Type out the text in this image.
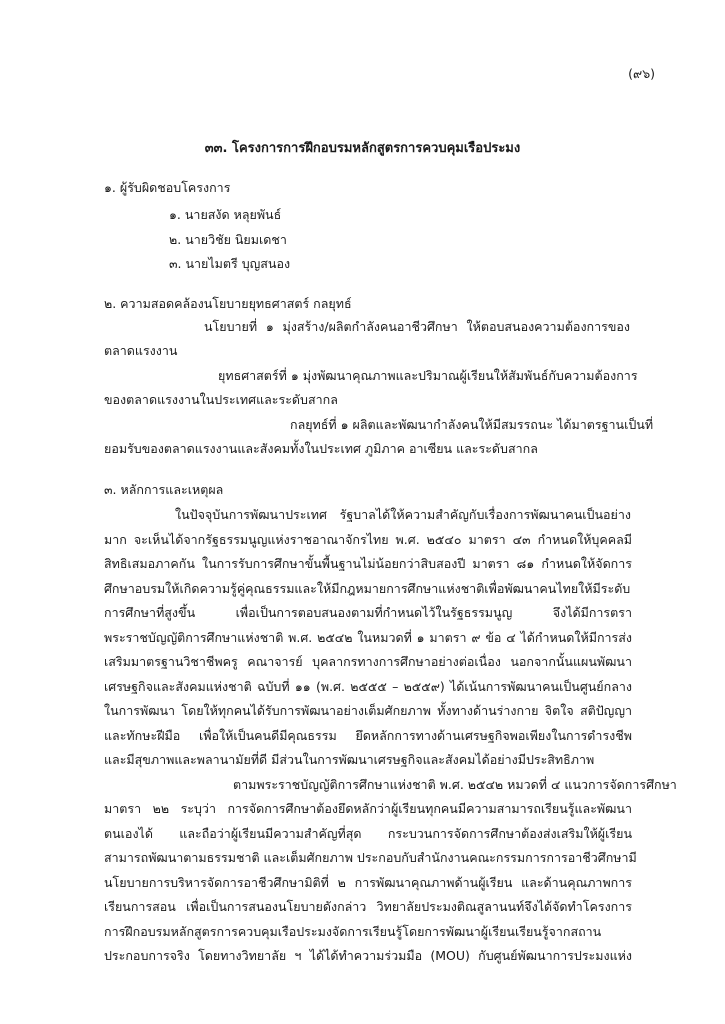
(๙๖)
๓๓. โครงการการฝึกอบรมหลักสูตรการควบคุมเรือประมง
๑. ผู้รับผิดชอบโครงการ
๑. นายสงัด หลุยพันธ์
๒. นายวิชัย นิยมเดชา
๓. นายไมตรี บุญสนอง
๒. ความสอดคล้องนโยบายยุทธศาสตร์ กลยุทธ์
นโยบายที่ ๑ มุ่งสร้าง/ผลิตกำลังคนอาชีวศึกษา ให้ตอบสนองความต้องการของ
ตลาดแรงงาน
ยุทธศาสตร์ที่ ๑ มุ่งพัฒนาคุณภาพและปริมาณผู้เรียนให้สัมพันธ์กับความต้องการ
ของตลาดแรงงานในประเทศและระดับสากล
กลยุทธ์ที่ ๑ ผลิตและพัฒนากำลังคนให้มีสมรรถนะ ได้มาตรฐานเป็นที่
ยอมรับของตลาดแรงงานและสังคมทั้งในประเทศ ภูมิภาค อาเซียน และระดับสากล
๓. หลักการและเหตุผล
ในปัจจุบันการพัฒนาประเทศ รัฐบาลได้ให้ความสำคัญกับเรื่องการพัฒนาคนเป็นอย่าง
มาก จะเห็นได้จากรัฐธรรมนูญแห่งราชอาณาจักรไทย พ.ศ. ๒๕๔๐ มาตรา ๔๓ กำหนดให้บุคคลมี
สิทธิเสมอภาคกัน ในการรับการศึกษาขั้นพื้นฐานไม่น้อยกว่าสิบสองปี มาตรา ๘๑ กำหนดให้จัดการ
ศึกษาอบรมให้เกิดความรู้คู่คุณธรรมและให้มีกฎหมายการศึกษาแห่งชาติเพื่อพัฒนาคนไทยให้มีระดับ
การศึกษาที่สูงขึ้น เพื่อเป็นการตอบสนองตามที่กำหนดไว้ในรัฐธรรมนูญ จึงได้มีการตรา
พระราชบัญญัติการศึกษาแห่งชาติ พ.ศ. ๒๕๔๒ ในหมวดที่ ๑ มาตรา ๙ ข้อ ๔ ได้กำหนดให้มีการส่ง
เสริมมาตรฐานวิชาชีพครู คณาจารย์ บุคลากรทางการศึกษาอย่างต่อเนื่อง นอกจากนั้นแผนพัฒนา
เศรษฐกิจและสังคมแห่งชาติ ฉบับที่ ๑๑ (พ.ศ. ๒๕๕๕ – ๒๕๕๙) ได้เน้นการพัฒนาคนเป็นศูนย์กลาง
ในการพัฒนา โดยให้ทุกคนได้รับการพัฒนาอย่างเต็มศักยภาพ ทั้งทางด้านร่างกาย จิตใจ สติปัญญา
และทักษะฝีมือ เพื่อให้เป็นคนดีมีคุณธรรม ยึดหลักการทางด้านเศรษฐกิจพอเพียงในการดำรงชีพ
และมีสุขภาพและพลานามัยที่ดี มีส่วนในการพัฒนาเศรษฐกิจและสังคมได้อย่างมีประสิทธิภาพ
ตามพระราชบัญญัติการศึกษาแห่งชาติ พ.ศ. ๒๕๔๒ หมวดที่ ๔ แนวการจัดการศึกษา
มาตรา ๒๒ ระบุว่า การจัดการศึกษาต้องยึดหลักว่าผู้เรียนทุกคนมีความสามารถเรียนรู้และพัฒนา
ตนเองได้ และถือว่าผู้เรียนมีความสำคัญที่สุด กระบวนการจัดการศึกษาต้องส่งเสริมให้ผู้เรียน
สามารถพัฒนาตามธรรมชาติ และเต็มศักยภาพ ประกอบกับสำนักงานคณะกรรมการการอาชีวศึกษามี
นโยบายการบริหารจัดการอาชีวศึกษามิติที่ ๒ การพัฒนาคุณภาพด้านผู้เรียน และด้านคุณภาพการ
เรียนการสอน เพื่อเป็นการสนองนโยบายดังกล่าว วิทยาลัยประมงติณสูลานนท์จึงได้จัดทำโครงการ
การฝึกอบรมหลักสูตรการควบคุมเรือประมงจัดการเรียนรู้โดยการพัฒนาผู้เรียนเรียนรู้จากสถาน
ประกอบการจริง โดยทางวิทยาลัย ฯ ได้ได้ทำความร่วมมือ (MOU) กับศูนย์พัฒนาการประมงแห่ง
